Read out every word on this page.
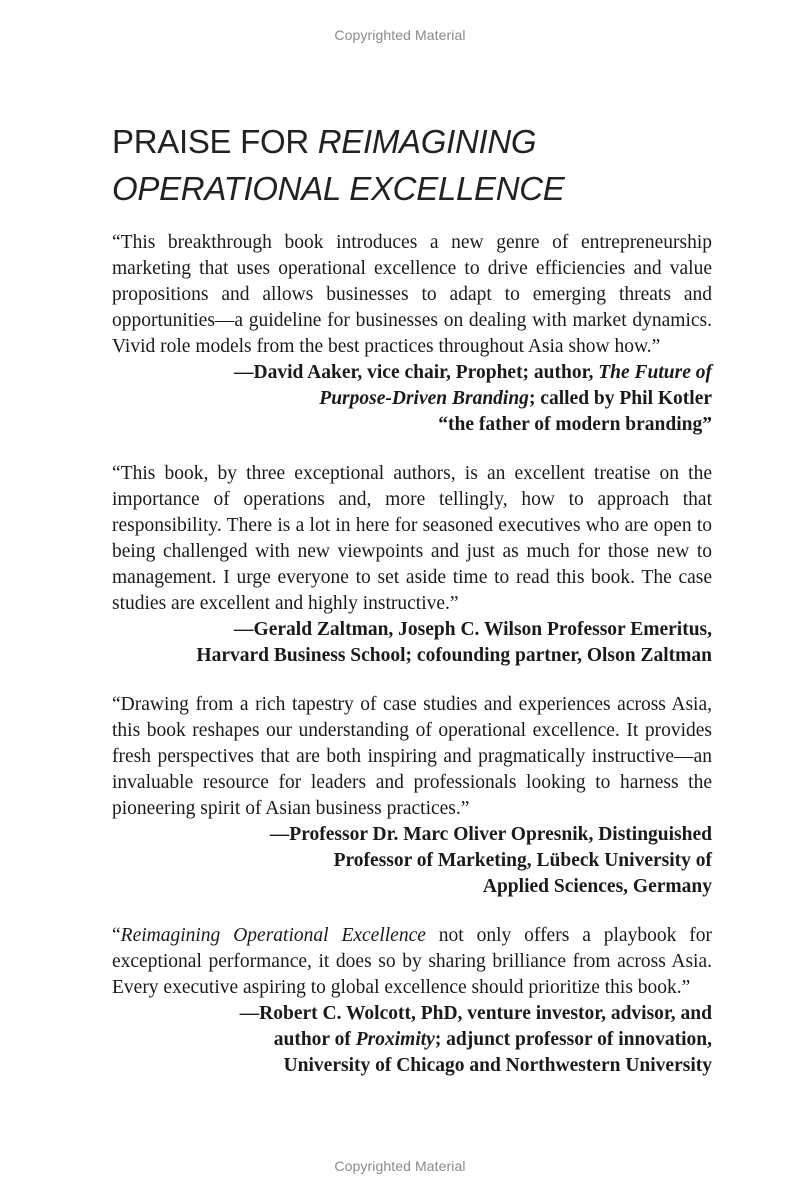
Copyrighted Material
PRAISE FOR REIMAGINING
OPERATIONAL EXCELLENCE

“This breakthrough book introduces a new genre of entrepreneurship marketing that uses operational excellence to drive efficiencies and value propositions and allows businesses to adapt to emerging threats and opportunities—a guideline for businesses on dealing with market dynamics. Vivid role models from the best practices throughout Asia show how.”

—David Aaker, vice chair, Prophet; author, The Future of
Purpose-Driven Branding; called by Phil Kotler
“the father of modern branding”

“This book, by three exceptional authors, is an excellent treatise on the importance of operations and, more tellingly, how to approach that responsibility. There is a lot in here for seasoned executives who are open to being challenged with new viewpoints and just as much for those new to management. I urge everyone to set aside time to read this book. The case studies are excellent and highly instructive.”

—Gerald Zaltman, Joseph C. Wilson Professor Emeritus,
Harvard Business School; cofounding partner, Olson Zaltman

“Drawing from a rich tapestry of case studies and experiences across Asia, this book reshapes our understanding of operational excellence. It provides fresh perspectives that are both inspiring and pragmatically instructive—an invaluable resource for leaders and professionals looking to harness the pioneering spirit of Asian business practices.”

—Professor Dr. Marc Oliver Opresnik, Distinguished
Professor of Marketing, Lübeck University of
Applied Sciences, Germany

“Reimagining Operational Excellence not only offers a playbook for exceptional performance, it does so by sharing brilliance from across Asia. Every executive aspiring to global excellence should prioritize this book.”

—Robert C. Wolcott, PhD, venture investor, advisor, and
author of Proximity; adjunct professor of innovation,
University of Chicago and Northwestern University

Copyrighted Material
